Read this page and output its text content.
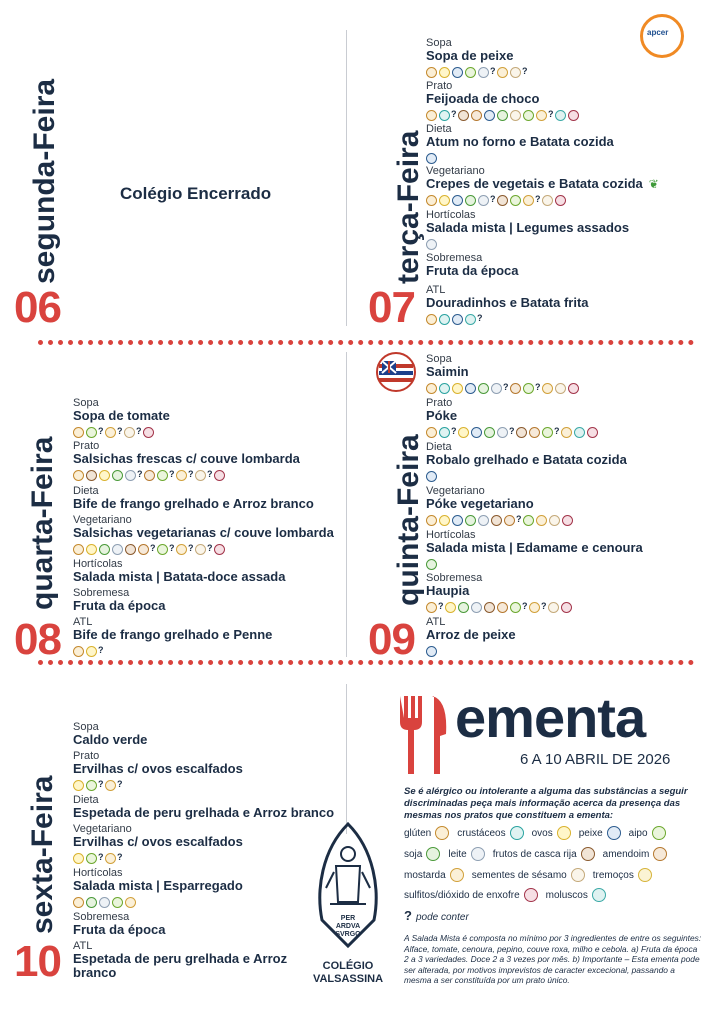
apcer
segunda-Feira
06
Colégio Encerrado	terça-Feira
07
Sopa
Sopa de peixe
?
?
Prato
Feijoada de choco
?
?
Dieta
Atum no forno e Batata cozida
Vegetariano
Crepes de vegetais e Batata cozida ❦
?
?
Hortícolas
Salada mista | Legumes assados
Sobremesa
Fruta da época
ATL
Douradinhos e Batata frita
?
quarta-Feira
08
Sopa
Sopa de tomate
?
?
?
Prato
Salsichas frescas c/ couve lombarda
?
?
?
?
Dieta
Bife de frango grelhado e Arroz branco
Vegetariano
Salsichas vegetarianas c/ couve lombarda
?
?
?
?
Hortícolas
Salada mista | Batata-doce assada
Sobremesa
Fruta da época
ATL
Bife de frango grelhado e Penne
?
quinta-Feira
09
Sopa
Saimin
?
?
Prato
Póke
?
?
?
Dieta
Robalo grelhado e Batata cozida
Vegetariano
Póke vegetariano
?
Hortícolas
Salada mista | Edamame e cenoura
Sobremesa
Haupia
?
?
?
ATL
Arroz de peixe
sexta-Feira
10
Sopa
Caldo verde
Prato
Ervilhas c/ ovos escalfados
?
?
Dieta
Espetada de peru grelhada e Arroz branco
Vegetariano
Ervilhas c/ ovos escalfados
?
?
Hortícolas
Salada mista | Esparregado
Sobremesa
Fruta da época
ATL
Espetada de peru grelhada e Arroz branco
PER
ARDVA
SVRGO
COLÉGIO
VALSASSINA
ementa
6 A 10 ABRIL DE 2026
Se é alérgico ou intolerante a alguma das substâncias a seguir discriminadas peça mais informação acerca da presença das mesmas nos pratos que constituem a ementa:
glúten	crustáceos	ovos	peixe	aipo
soja	leite	frutos de casca rija	amendoim
mostarda	sementes de sésamo	tremoços
sulfitos/dióxido de enxofre	moluscos
? pode conter
A Salada Mista é composta no mínimo por 3 ingredientes de entre os seguintes: Alface, tomate, cenoura, pepino, couve roxa, milho e cebola. a) Fruta da época 2 a 3 variedades. Doce 2 a 3 vezes por mês. b) Importante – Esta ementa pode ser alterada, por motivos imprevistos de caracter excecional, passando a mesma a ser constituída por um prato único.
